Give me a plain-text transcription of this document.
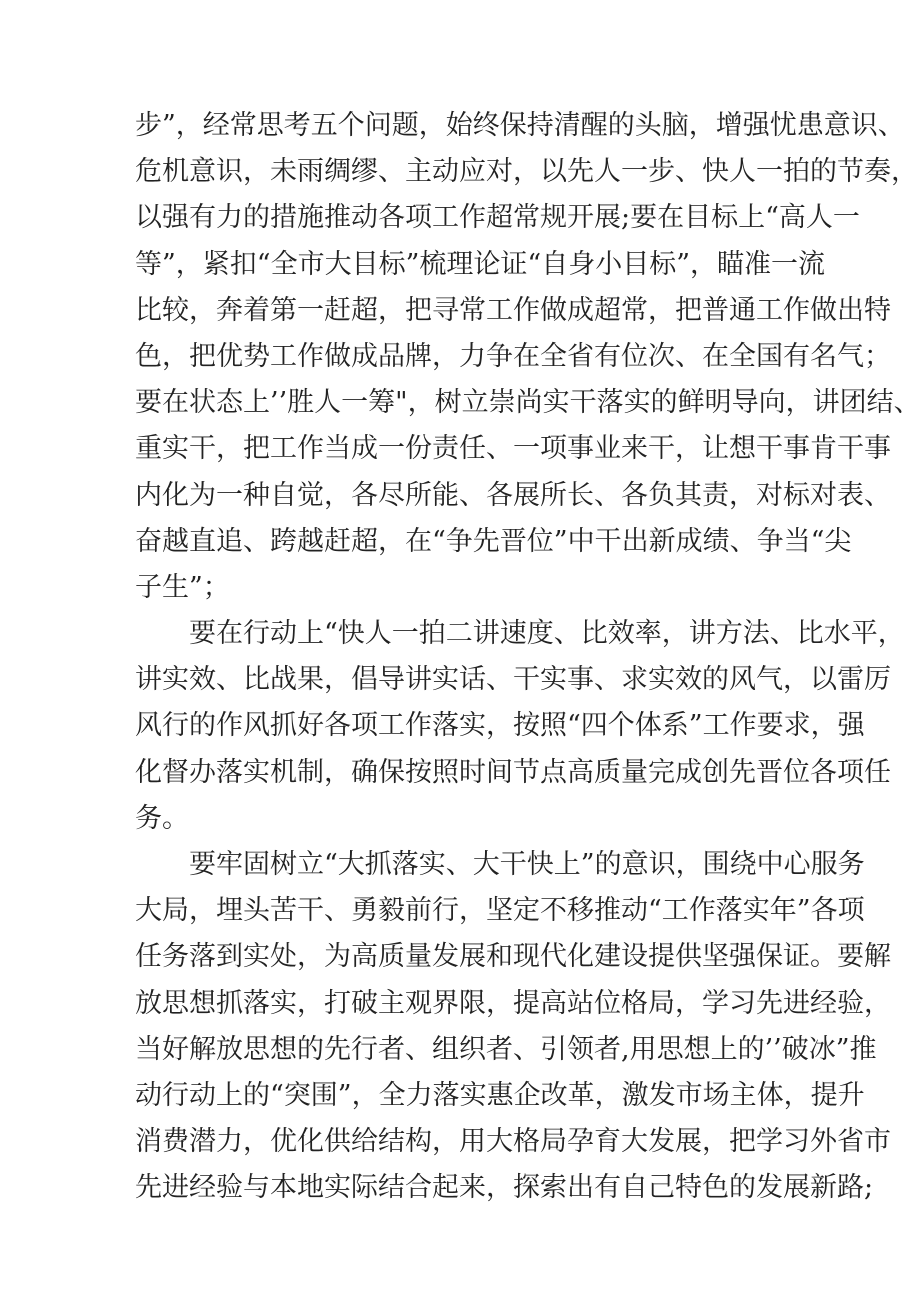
步”，经常思考五个问题，始终保持清醒的头脑，增强忧患意识、
危机意识，未雨绸缪、主动应对，以先人一步、快人一拍的节奏，
以强有力的措施推动各项工作超常规开展;要在目标上“高人一
等”，紧扣“全市大目标”梳理论证“自身小目标”，瞄准一流
比较，奔着第一赶超，把寻常工作做成超常，把普通工作做出特
色，把优势工作做成品牌，力争在全省有位次、在全国有名气；
要在状态上’’胜人一筹"，树立崇尚实干落实的鲜明导向，讲团结、
重实干，把工作当成一份责任、一项事业来干，让想干事肯干事
内化为一种自觉，各尽所能、各展所长、各负其责，对标对表、
奋越直追、跨越赶超，在“争先晋位”中干出新成绩、争当“尖
子生”；
要在行动上“快人一拍二讲速度、比效率，讲方法、比水平，
讲实效、比战果，倡导讲实话、干实事、求实效的风气，以雷厉
风行的作风抓好各项工作落实，按照“四个体系”工作要求，强
化督办落实机制，确保按照时间节点高质量完成创先晋位各项任
务。
要牢固树立“大抓落实、大干快上”的意识，围绕中心服务
大局，埋头苦干、勇毅前行，坚定不移推动“工作落实年”各项
任务落到实处，为高质量发展和现代化建设提供坚强保证。要解
放思想抓落实，打破主观界限，提高站位格局，学习先进经验，
当好解放思想的先行者、组织者、引领者,用思想上的’’破冰”推
动行动上的“突围”，全力落实惠企改革，激发市场主体，提升
消费潜力，优化供给结构，用大格局孕育大发展，把学习外省市
先进经验与本地实际结合起来，探索出有自己特色的发展新路;
